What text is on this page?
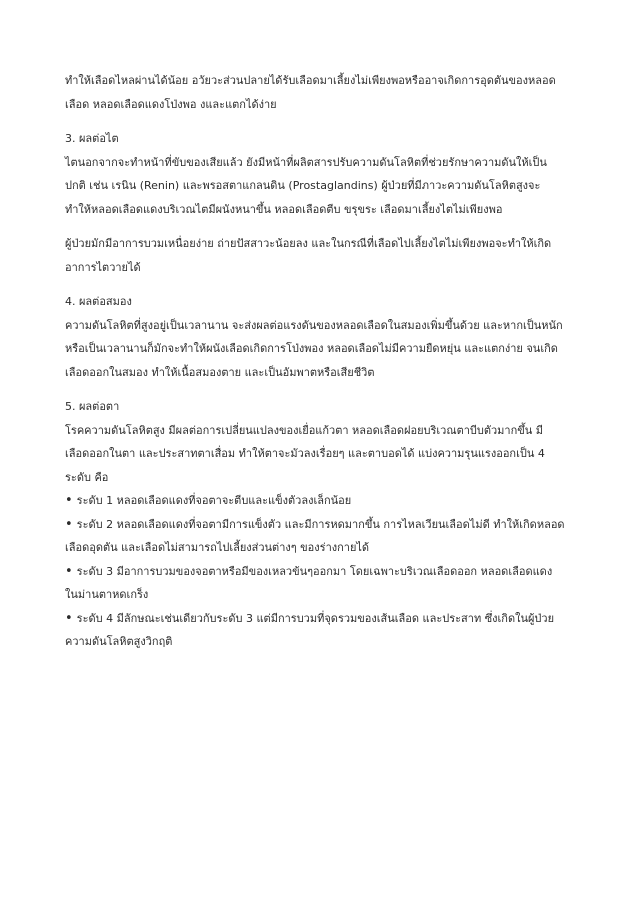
ทำให้เลือดไหลผ่านได้น้อย อวัยวะส่วนปลายได้รับเลือดมาเลี้ยงไม่เพียงพอหรืออาจเกิดการอุดตันของหลอดเลือด หลอดเลือดแดงโป่งพอ งและแตกได้ง่าย

3. ผลต่อไต

ไตนอกจากจะทำหน้าที่ขับของเสียแล้ว ยังมีหน้าที่ผลิตสารปรับความดันโลหิตที่ช่วยรักษาความดันให้เป็นปกติ เช่น เรนิน (Renin) และพรอสตาแกลนดิน (Prostaglandins) ผู้ป่วยที่มีภาวะความดันโลหิตสูงจะทำให้หลอดเลือดแดงบริเวณไตมีผนังหนาขึ้น หลอดเลือดตีบ ขรุขระ เลือดมาเลี้ยงไตไม่เพียงพอ

ผู้ป่วยมักมีอาการบวมเหนื่อยง่าย ถ่ายปัสสาวะน้อยลง และในกรณีที่เลือดไปเลี้ยงไตไม่เพียงพอจะทำให้เกิดอาการไตวายได้

4. ผลต่อสมอง

ความดันโลหิตที่สูงอยู่เป็นเวลานาน จะส่งผลต่อแรงดันของหลอดเลือดในสมองเพิ่มขึ้นด้วย และหากเป็นหนักหรือเป็นเวลานานก็มักจะทำให้ผนังเลือดเกิดการโป่งพอง หลอดเลือดไม่มีความยืดหยุ่น และแตกง่าย จนเกิดเลือดออกในสมอง ทำให้เนื้อสมองตาย และเป็นอัมพาตหรือเสียชีวิต

5. ผลต่อตา

โรคความดันโลหิตสูง มีผลต่อการเปลี่ยนแปลงของเยื่อแก้วตา หลอดเลือดฝอยบริเวณตาบีบตัวมากขึ้น มีเลือดออกในตา และประสาทตาเสื่อม ทำให้ตาจะมัวลงเรื่อยๆ และตาบอดได้ แบ่งความรุนแรงออกเป็น 4 ระดับ คือ

• ระดับ 1 หลอดเลือดแดงที่จอตาจะตีบและแข็งตัวลงเล็กน้อย

• ระดับ 2 หลอดเลือดแดงที่จอตามีการแข็งตัว และมีการหดมากขึ้น การไหลเวียนเลือดไม่ดี ทำให้เกิดหลอดเลือดอุดตัน และเลือดไม่สามารถไปเลี้ยงส่วนต่างๆ ของร่างกายได้

• ระดับ 3 มีอาการบวมของจอตาหรือมีของเหลวข้นๆออกมา โดยเฉพาะบริเวณเลือดออก หลอดเลือดแดงในม่านตาหดเกร็ง

• ระดับ 4 มีลักษณะเช่นเดียวกับระดับ 3 แต่มีการบวมที่จุดรวมของเส้นเลือด และประสาท ซึ่งเกิดในผู้ป่วยความดันโลหิตสูงวิกฤติ
